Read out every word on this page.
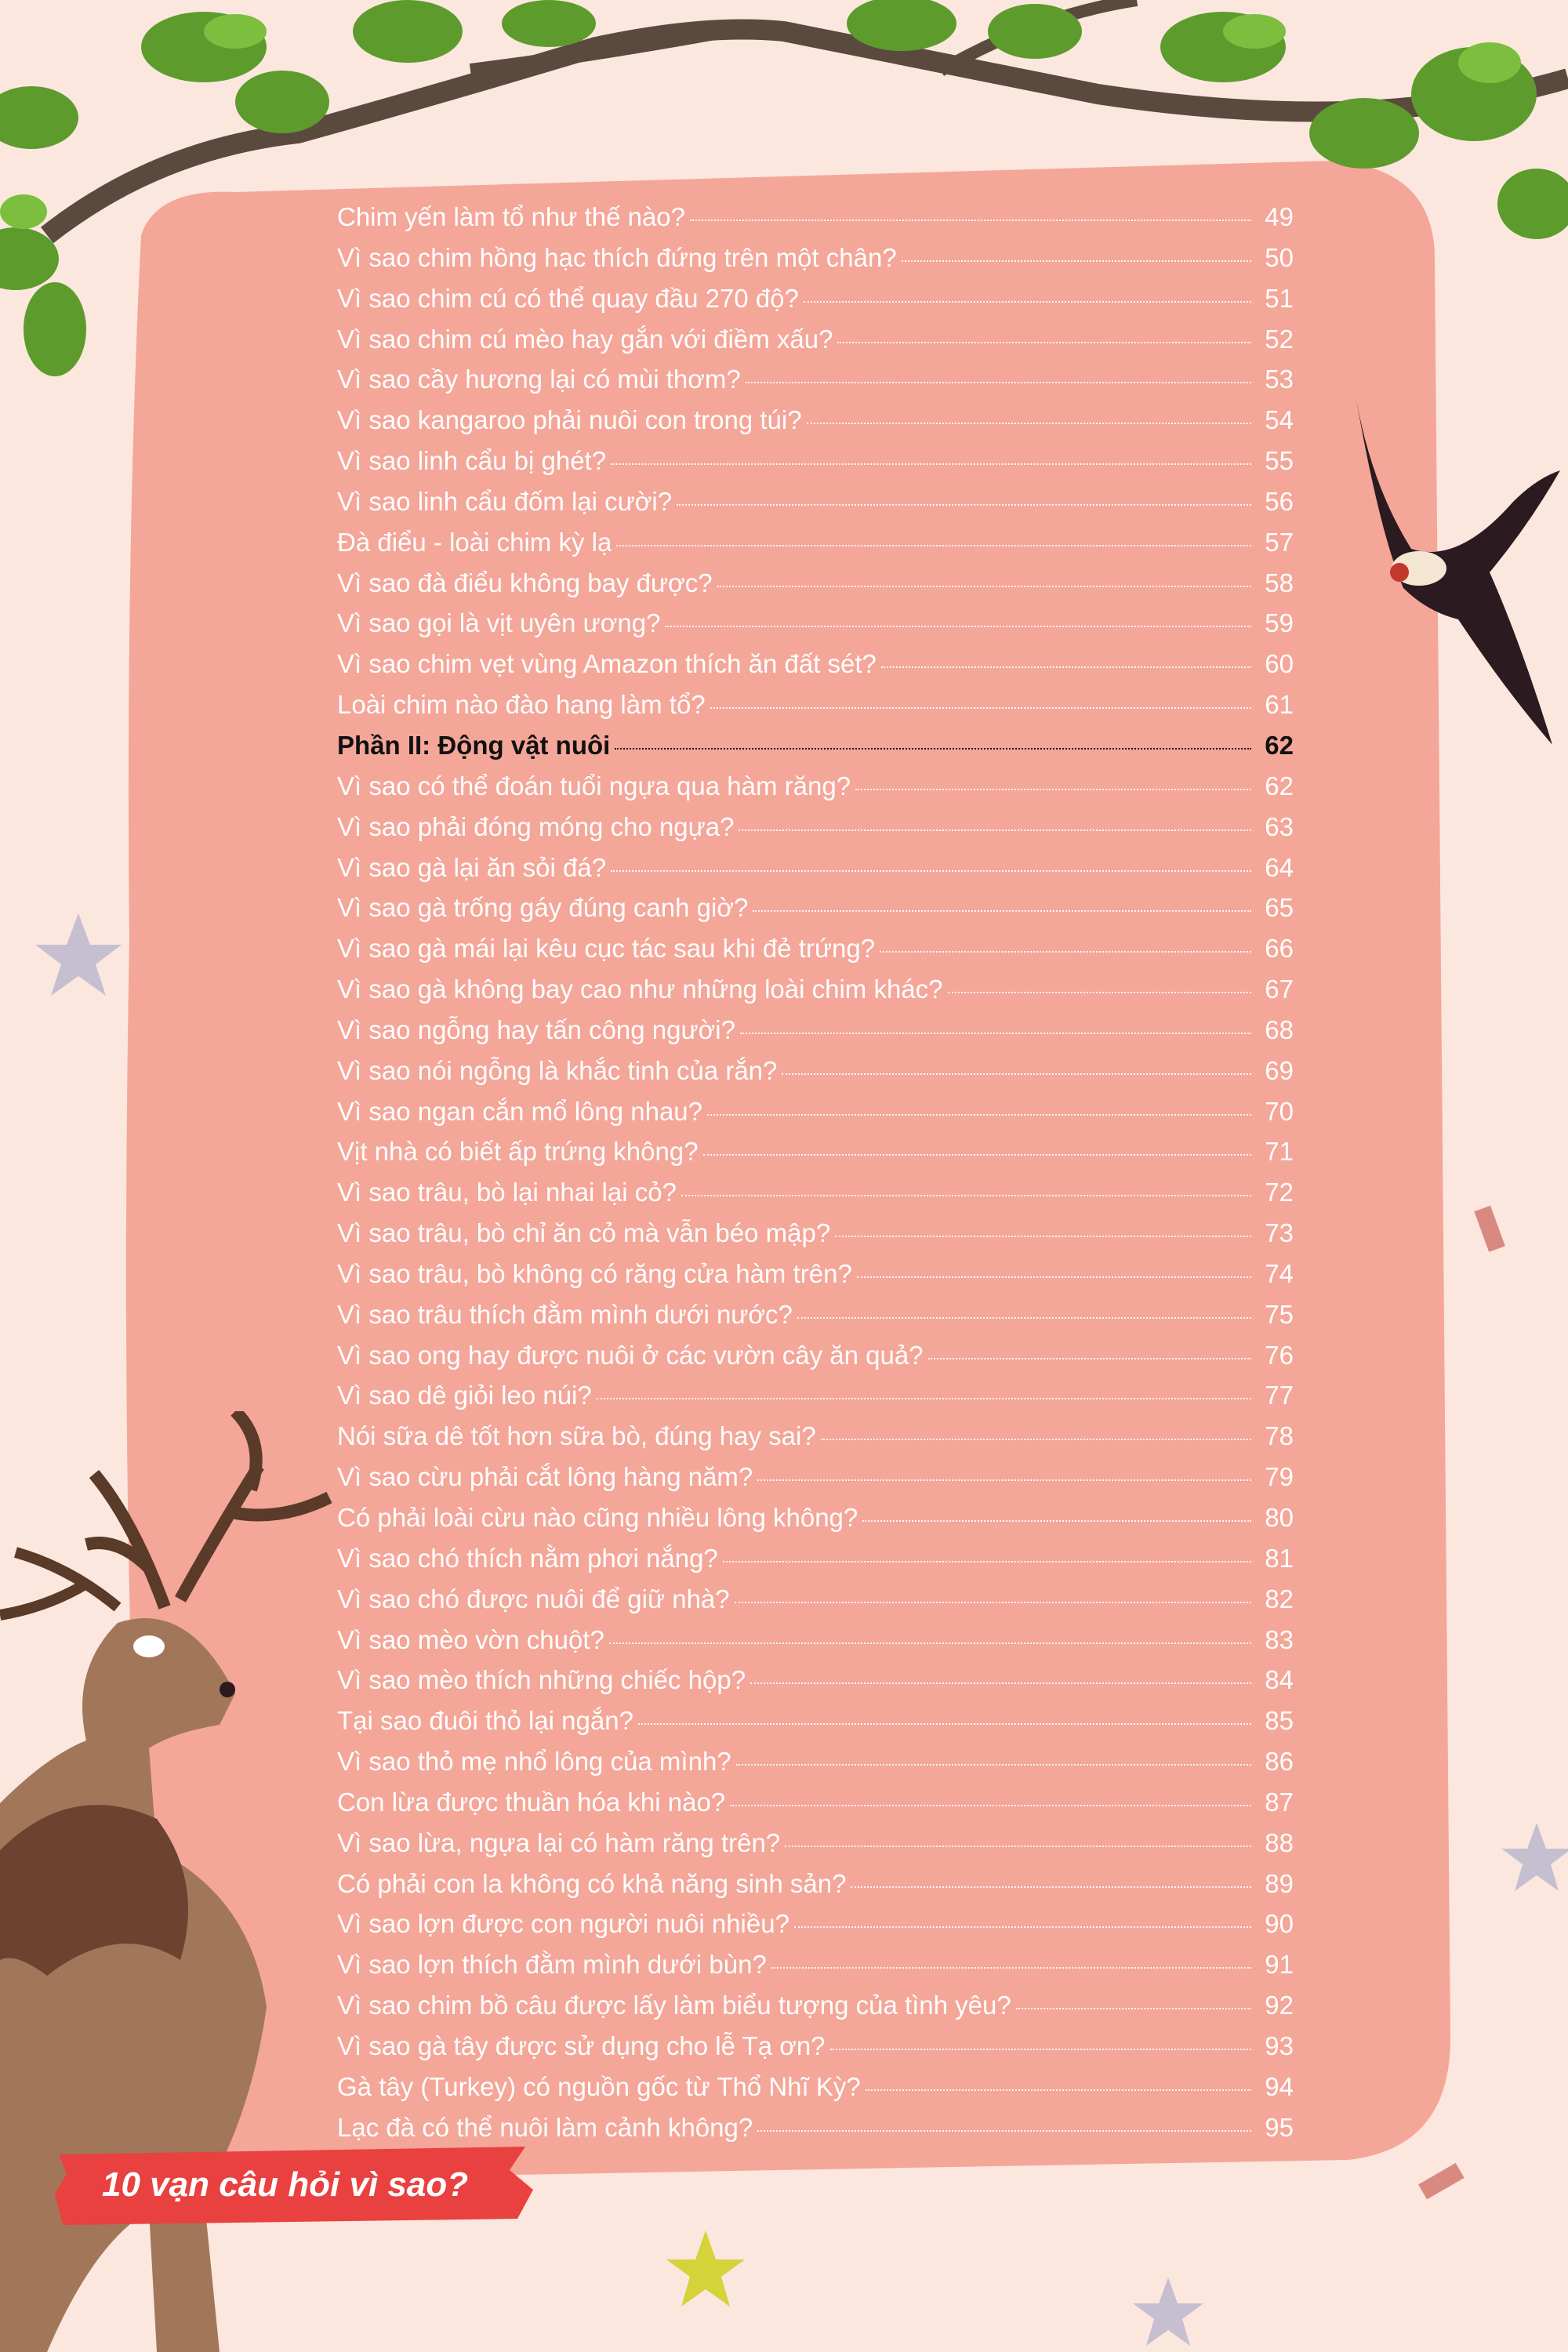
Chim yến làm tổ như thế nào?	49
Vì sao chim hồng hạc thích đứng trên một chân?	50
Vì sao chim cú có thể quay đầu 270 độ?	51
Vì sao chim cú mèo hay gắn với điềm xấu?	52
Vì sao cầy hương lại có mùi thơm?	53
Vì sao kangaroo phải nuôi con trong túi?	54
Vì sao linh cẩu bị ghét?	55
Vì sao linh cẩu đốm lại cười?	56
Đà điểu - loài chim kỳ lạ	57
Vì sao đà điểu không bay được?	58
Vì sao gọi là vịt uyên ương?	59
Vì sao chim vẹt vùng Amazon thích ăn đất sét?	60
Loài chim nào đào hang làm tổ?	61
Phần II: Động vật nuôi	62
Vì sao có thể đoán tuổi ngựa qua hàm răng?	62
Vì sao phải đóng móng cho ngựa?	63
Vì sao gà lại ăn sỏi đá?	64
Vì sao gà trống gáy đúng canh giờ?	65
Vì sao gà mái lại kêu cục tác sau khi đẻ trứng?	66
Vì sao gà không bay cao như những loài chim khác?	67
Vì sao ngỗng hay tấn công người?	68
Vì sao nói ngỗng là khắc tinh của rắn?	69
Vì sao ngan cắn mổ lông nhau?	70
Vịt nhà có biết ấp trứng không?	71
Vì sao trâu, bò lại nhai lại cỏ?	72
Vì sao trâu, bò chỉ ăn cỏ mà vẫn béo mập?	73
Vì sao trâu, bò không có răng cửa hàm trên?	74
Vì sao trâu thích đằm mình dưới nước?	75
Vì sao ong hay được nuôi ở các vườn cây ăn quả?	76
Vì sao dê giỏi leo núi?	77
Nói sữa dê tốt hơn sữa bò, đúng hay sai?	78
Vì sao cừu phải cắt lông hàng năm?	79
Có phải loài cừu nào cũng nhiều lông không?	80
Vì sao chó thích nằm phơi nắng?	81
Vì sao chó được nuôi để giữ nhà?	82
Vì sao mèo vờn chuột?	83
Vì sao mèo thích những chiếc hộp?	84
Tại sao đuôi thỏ lại ngắn?	85
Vì sao thỏ mẹ nhổ lông của mình?	86
Con lừa được thuần hóa khi nào?	87
Vì sao lừa, ngựa lại có hàm răng trên?	88
Có phải con la không có khả năng sinh sản?	89
Vì sao lợn được con người nuôi nhiều?	90
Vì sao lợn thích đằm mình dưới bùn?	91
Vì sao chim bồ câu được lấy làm biểu tượng của tình yêu?	92
Vì sao gà tây được sử dụng cho lễ Tạ ơn?	93
Gà tây (Turkey) có nguồn gốc từ Thổ Nhĩ Kỳ?	94
Lạc đà có thể nuôi làm cảnh không?	95
10 vạn câu hỏi vì sao?
